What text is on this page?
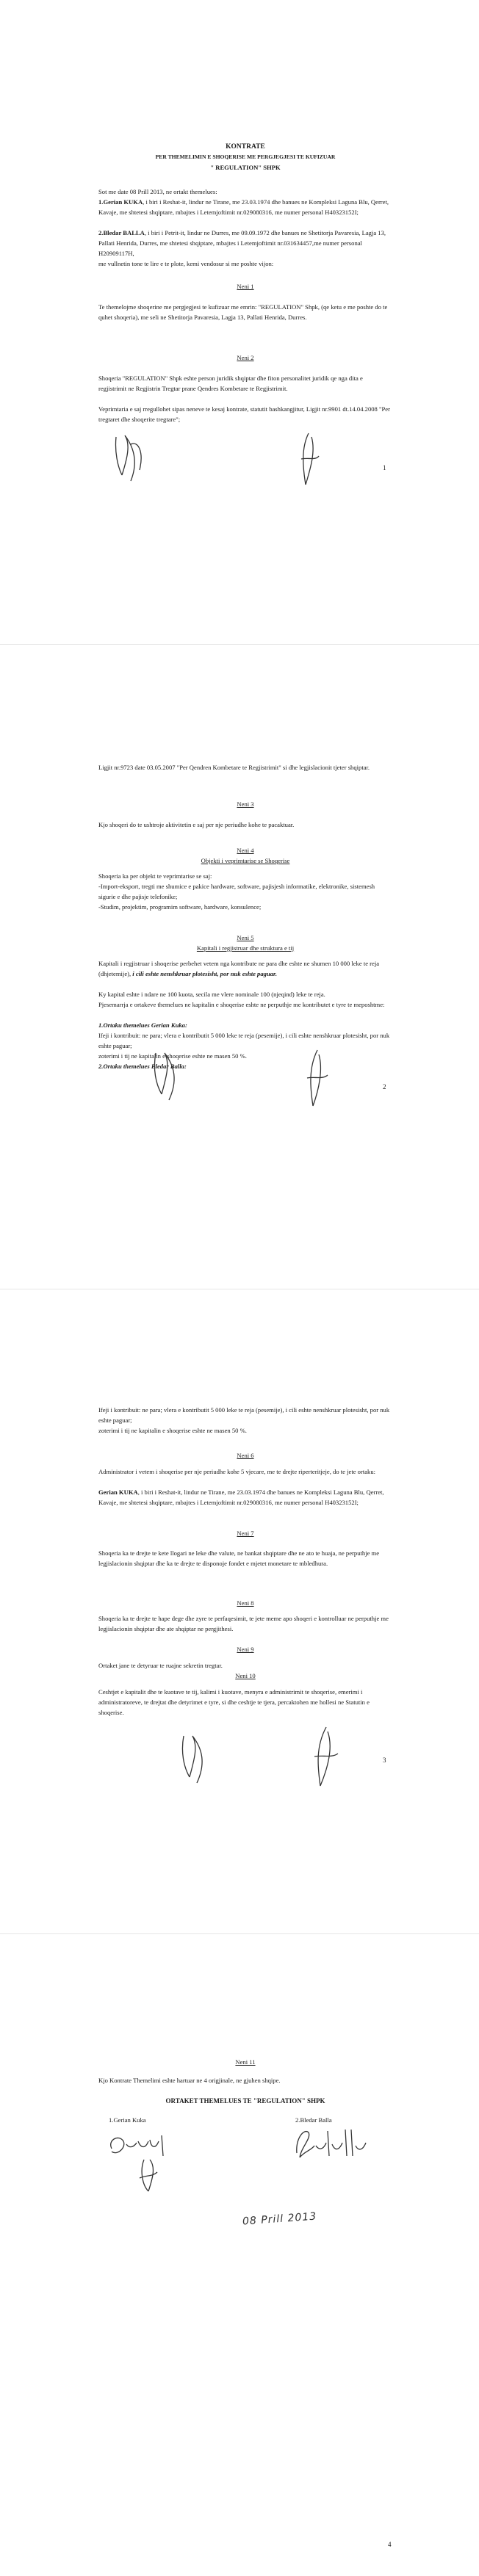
KONTRATE

PER THEMELIMIN E SHOQERISE ME PERGJEGJESI TE KUFIZUAR

" REGULATION" SHPK

Sot me date 08 Prill 2013, ne ortakt themelues:

1.Gerian KUKA, i biri i Reshat-it, lindur ne Tirane, me 23.03.1974 dhe banues ne Kompleksi Laguna Blu, Qerret, Kavaje, me shtetesi shqiptare, mbajtes i Letemjoftimit nr.029080316, me numer personal H40323152I;

2.Bledar BALLA, i biri i Petrit-it, lindur ne Durres, me 09.09.1972 dhe banues ne Shetitorja Pavaresia, Lagja 13, Pallati Henrida, Durres, me shtetesi shqiptare, mbajtes i Letemjoftimit nr.031634457,me numer personal H20909117H,

me vullnetin tone te lire e te plote, kemi vendosur si me poshte vijon:

Neni 1

Te themelojme shoqerine me pergjegjesi te kufizuar me emrin: "REGULATION" Shpk, (qe ketu e me poshte do te quhet shoqeria), me seli ne Shetitorja Pavaresia, Lagja 13, Pallati Henrida, Durres.

Neni 2

Shoqeria "REGULATION" Shpk eshte person juridik shqiptar dhe fiton personalitet juridik qe nga dita e regjistrimit ne Regjistrin Tregtar prane Qendres Kombetare te Regjistrimit.

Veprimtaria e saj rregullohet sipas neneve te kesaj kontrate, statutit bashkangjitur, Ligjit nr.9901 dt.14.04.2008 "Per tregtaret dhe shoqerite tregtare";

1

Ligjit nr.9723 date 03.05.2007 "Per Qendren Kombetare te Regjistrimit" si dhe legjislacionit tjeter shqiptar.

Neni 3

Kjo shoqeri do te ushtroje aktivitetin e saj per nje periudhe kohe te pacaktuar.

Neni 4

Objekti i veprimtarise se Shoqerise

Shoqeria ka per objekt te veprimtarise se saj:

-Import-eksport, tregti me shumice e pakice hardware, software, pajisjesh informatike, elektronike, sistemesh sigurie e dhe pajisje telefonike;

-Studim, projektim, programim software, hardware, konsulence;

Neni 5

Kapitali i regjistruar dhe struktura e tij

Kapitali i regjistruar i shoqerise perbehet vetem nga kontribute ne para dhe eshte ne shumen 10 000 leke te reja (dhjetemije), i cili eshte nenshkruar plotesisht, por nuk eshte paguar.

Ky kapital eshte i ndare ne 100 kuota, secila me vlere nominale 100 (njeqind) leke te reja.

Pjesemarrja e ortakeve themelues ne kapitalin e shoqerise eshte ne perputhje me kontributet e tyre te meposhtme:

1.Ortaku themelues Gerian Kuka:

Ifeji i kontribuit: ne para; vlera e kontributit 5 000 leke te reja (pesemije), i cili eshte nenshkruar plotesisht, por nuk eshte paguar;

zoterimi i tij ne kapitalin e shoqerise eshte ne masen 50 %.

2.Ortaku themelues Bledar Balla:

2

Ifeji i kontribuit: ne para; vlera e kontributit 5 000 leke te reja (pesemije), i cili eshte nenshkruar plotesisht, por nuk eshte paguar;

zoterimi i tij ne kapitalin e shoqerise eshte ne masen 50 %.

Neni 6

Administrator i vetem i shoqerise per nje periudhe kohe 5 vjecare, me te drejte riperteritjeje, do te jete ortaku:

Gerian KUKA, i biri i Reshat-it, lindur ne Tirane, me 23.03.1974 dhe banues ne Kompleksi Laguna Blu, Qerret, Kavaje, me shtetesi shqiptare, mbajtes i Letemjoftimit nr.029080316, me numer personal H40323152I;

Neni 7

Shoqeria ka te drejte te kete llogari ne leke dhe valute, ne bankat shqiptare dhe ne ato te huaja, ne perputhje me legjislacionin shqiptar dhe ka te drejte te disponoje fondet e mjetet monetare te mbledhura.

Neni 8

Shoqeria ka te drejte te hape dege dhe zyre te perfaqesimit, te jete meme apo shoqeri e kontrolluar ne perputhje me legjislacionin shqiptar dhe ate shqiptar ne pergjithesi.

Neni 9

Ortaket jane te detyruar te ruajne sekretin tregtar.

Neni 10

Ceshtjet e kapitalit dhe te kuotave te tij, kalimi i kuotave, menyra e administrimit te shoqerise, emerimi i administratoreve, te drejtat dhe detyrimet e tyre, si dhe ceshtje te tjera, percaktohen me hollesi ne Statutin e shoqerise.

3

Neni 11

Kjo Kontrate Themelimi eshte hartuar ne 4 origjinale, ne gjuhen shqipe.

ORTAKET THEMELUES TE "REGULATION" SHPK

1.Gerian Kuka	2.Bledar Balla

08 Prill 2013
4
